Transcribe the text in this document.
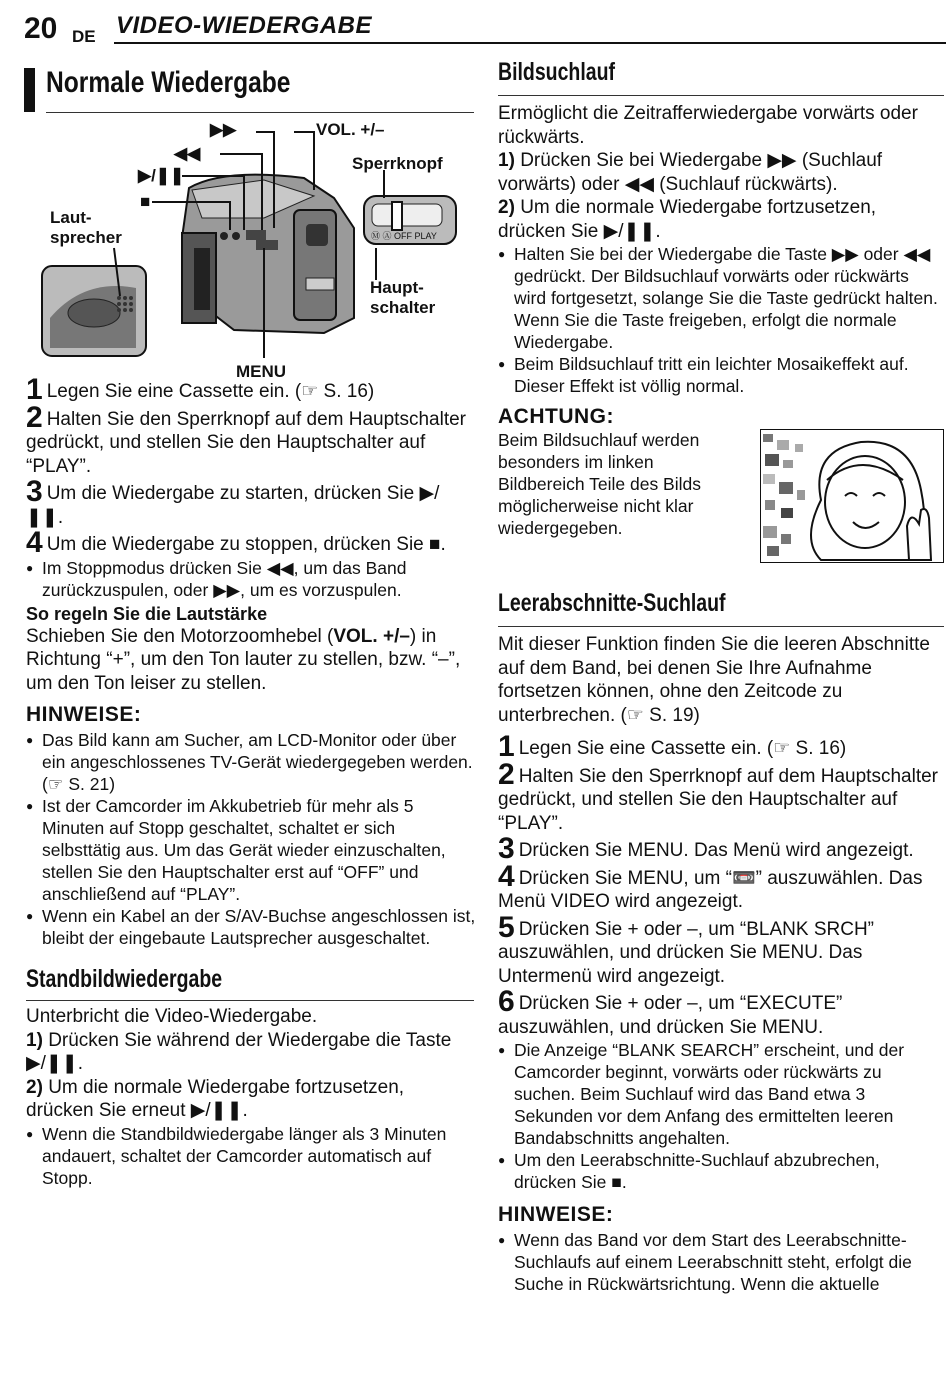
20 DE VIDEO-WIEDERGABE
Normale Wiedergabe
Ⓜ Ⓐ OFF PLAY
▶▶
◀◀
▶/❚❚
■
VOL. +/–
Sperrknopf
Laut-
sprecher
Haupt-
schalter
MENU

1 Legen Sie eine Cassette ein. (☞ S. 16)

2 Halten Sie den Sperrknopf auf dem Hauptschalter gedrückt, und stellen Sie den Hauptschalter auf “PLAY”.

3 Um die Wiedergabe zu starten, drücken Sie ▶/❚❚.

4 Um die Wiedergabe zu stoppen, drücken Sie ■.

● Im Stoppmodus drücken Sie ◀◀, um das Band zurückzuspulen, oder ▶▶, um es vorzuspulen.

So regeln Sie die Lautstärke

Schieben Sie den Motorzoomhebel (VOL. +/–) in Richtung “+”, um den Ton lauter zu stellen, bzw. “–”, um den Ton leiser zu stellen.

HINWEISE:

● Das Bild kann am Sucher, am LCD-Monitor oder über ein angeschlossenes TV-Gerät wiedergegeben werden. (☞ S. 21)

● Ist der Camcorder im Akkubetrieb für mehr als 5 Minuten auf Stopp geschaltet, schaltet er sich selbsttätig aus. Um das Gerät wieder einzuschalten, stellen Sie den Hauptschalter erst auf “OFF” und anschließend auf “PLAY”.

● Wenn ein Kabel an der S/AV-Buchse angeschlossen ist, bleibt der eingebaute Lautsprecher ausgeschaltet.

Standbildwiedergabe

Unterbricht die Video-Wiedergabe.

1) Drücken Sie während der Wiedergabe die Taste ▶/❚❚.

2) Um die normale Wiedergabe fortzusetzen, drücken Sie erneut ▶/❚❚.

● Wenn die Standbildwiedergabe länger als 3 Minuten andauert, schaltet der Camcorder automatisch auf Stopp.

Bildsuchlauf

Ermöglicht die Zeitrafferwiedergabe vorwärts oder rückwärts.

1) Drücken Sie bei Wiedergabe ▶▶ (Suchlauf vorwärts) oder ◀◀ (Suchlauf rückwärts).

2) Um die normale Wiedergabe fortzusetzen, drücken Sie ▶/❚❚.

● Halten Sie bei der Wiedergabe die Taste ▶▶ oder ◀◀ gedrückt. Der Bildsuchlauf vorwärts oder rückwärts wird fortgesetzt, solange Sie die Taste gedrückt halten. Wenn Sie die Taste freigeben, erfolgt die normale Wiedergabe.

● Beim Bildsuchlauf tritt ein leichter Mosaikeffekt auf. Dieser Effekt ist völlig normal.

ACHTUNG:

Beim Bildsuchlauf werden besonders im linken Bildbereich Teile des Bilds möglicherweise nicht klar wiedergegeben.

Leerabschnitte-Suchlauf

Mit dieser Funktion finden Sie die leeren Abschnitte auf dem Band, bei denen Sie Ihre Aufnahme fortsetzen können, ohne den Zeitcode zu unterbrechen. (☞ S. 19)

1 Legen Sie eine Cassette ein. (☞ S. 16)

2 Halten Sie den Sperrknopf auf dem Hauptschalter gedrückt, und stellen Sie den Hauptschalter auf “PLAY”.

3 Drücken Sie MENU. Das Menü wird angezeigt.

4 Drücken Sie MENU, um “📼” auszuwählen. Das Menü VIDEO wird angezeigt.

5 Drücken Sie + oder –, um “BLANK SRCH” auszuwählen, und drücken Sie MENU. Das Untermenü wird angezeigt.

6 Drücken Sie + oder –, um “EXECUTE” auszuwählen, und drücken Sie MENU.

● Die Anzeige “BLANK SEARCH” erscheint, und der Camcorder beginnt, vorwärts oder rückwärts zu suchen. Beim Suchlauf wird das Band etwa 3 Sekunden vor dem Anfang des ermittelten leeren Bandabschnitts angehalten.

● Um den Leerabschnitte-Suchlauf abzubrechen, drücken Sie ■.

HINWEISE:

● Wenn das Band vor dem Start des Leerabschnitte-Suchlaufs auf einem Leerabschnitt steht, erfolgt die Suche in Rückwärtsrichtung. Wenn die aktuelle
